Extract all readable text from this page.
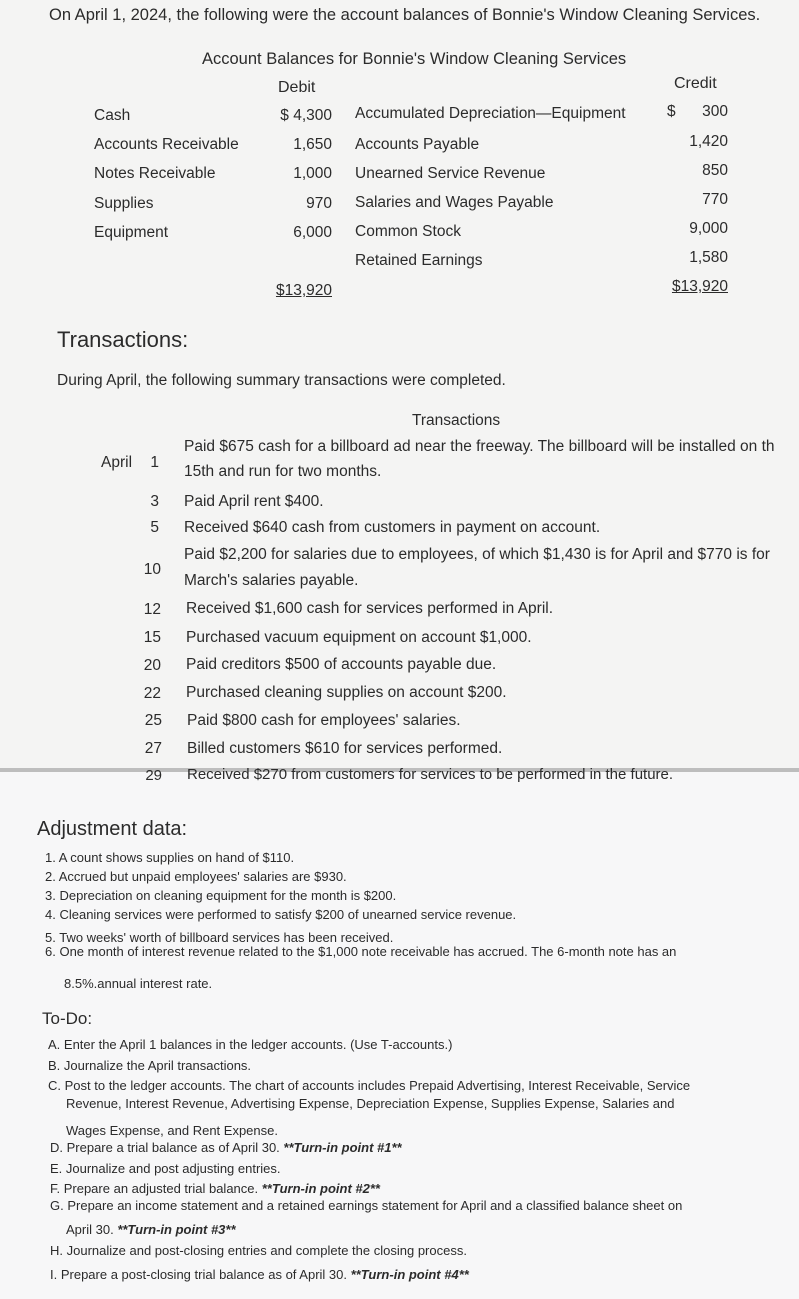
On April 1, 2024, the following were the account balances of Bonnie's Window Cleaning Services.
Account Balances for Bonnie's Window Cleaning Services
Debit	Credit
Cash
Accounts Receivable
Notes Receivable
Supplies
Equipment
$ 4,300
1,650
1,000
970
6,000
$13,920
Accumulated Depreciation—Equipment
Accounts Payable
Unearned Service Revenue
Salaries and Wages Payable
Common Stock
Retained Earnings
$ 300
1,420
850
770
9,000
1,580
$13,920
Transactions:
During April, the following summary transactions were completed.
Transactions
April	1
Paid $675 cash for a billboard ad near the freeway. The billboard will be installed on th
15th and run for two months.
3 Paid April rent $400.
5 Received $640 cash from customers in payment on account.
10
Paid $2,200 for salaries due to employees, of which $1,430 is for April and $770 is for
March's salaries payable.
12 Received $1,600 cash for services performed in April.
15 Purchased vacuum equipment on account $1,000.
20 Paid creditors $500 of accounts payable due.
22 Purchased cleaning supplies on account $200.
25 Paid $800 cash for employees' salaries.
27 Billed customers $610 for services performed.
29 Received $270 from customers for services to be performed in the future.
Adjustment data:
1. A count shows supplies on hand of $110.
2. Accrued but unpaid employees' salaries are $930.
3. Depreciation on cleaning equipment for the month is $200.
4. Cleaning services were performed to satisfy $200 of unearned service revenue.
5. Two weeks' worth of billboard services has been received.
6. One month of interest revenue related to the $1,000 note receivable has accrued. The 6-month note has an
8.5%.annual interest rate.
To-Do:
A. Enter the April 1 balances in the ledger accounts. (Use T-accounts.)
B. Journalize the April transactions.
C. Post to the ledger accounts. The chart of accounts includes Prepaid Advertising, Interest Receivable, Service
Revenue, Interest Revenue, Advertising Expense, Depreciation Expense, Supplies Expense, Salaries and
Wages Expense, and Rent Expense.
D. Prepare a trial balance as of April 30. **Turn-in point #1**
E. Journalize and post adjusting entries.
F. Prepare an adjusted trial balance. **Turn-in point #2**
G. Prepare an income statement and a retained earnings statement for April and a classified balance sheet on
April 30. **Turn-in point #3**
H. Journalize and post-closing entries and complete the closing process.
I. Prepare a post-closing trial balance as of April 30. **Turn-in point #4**
